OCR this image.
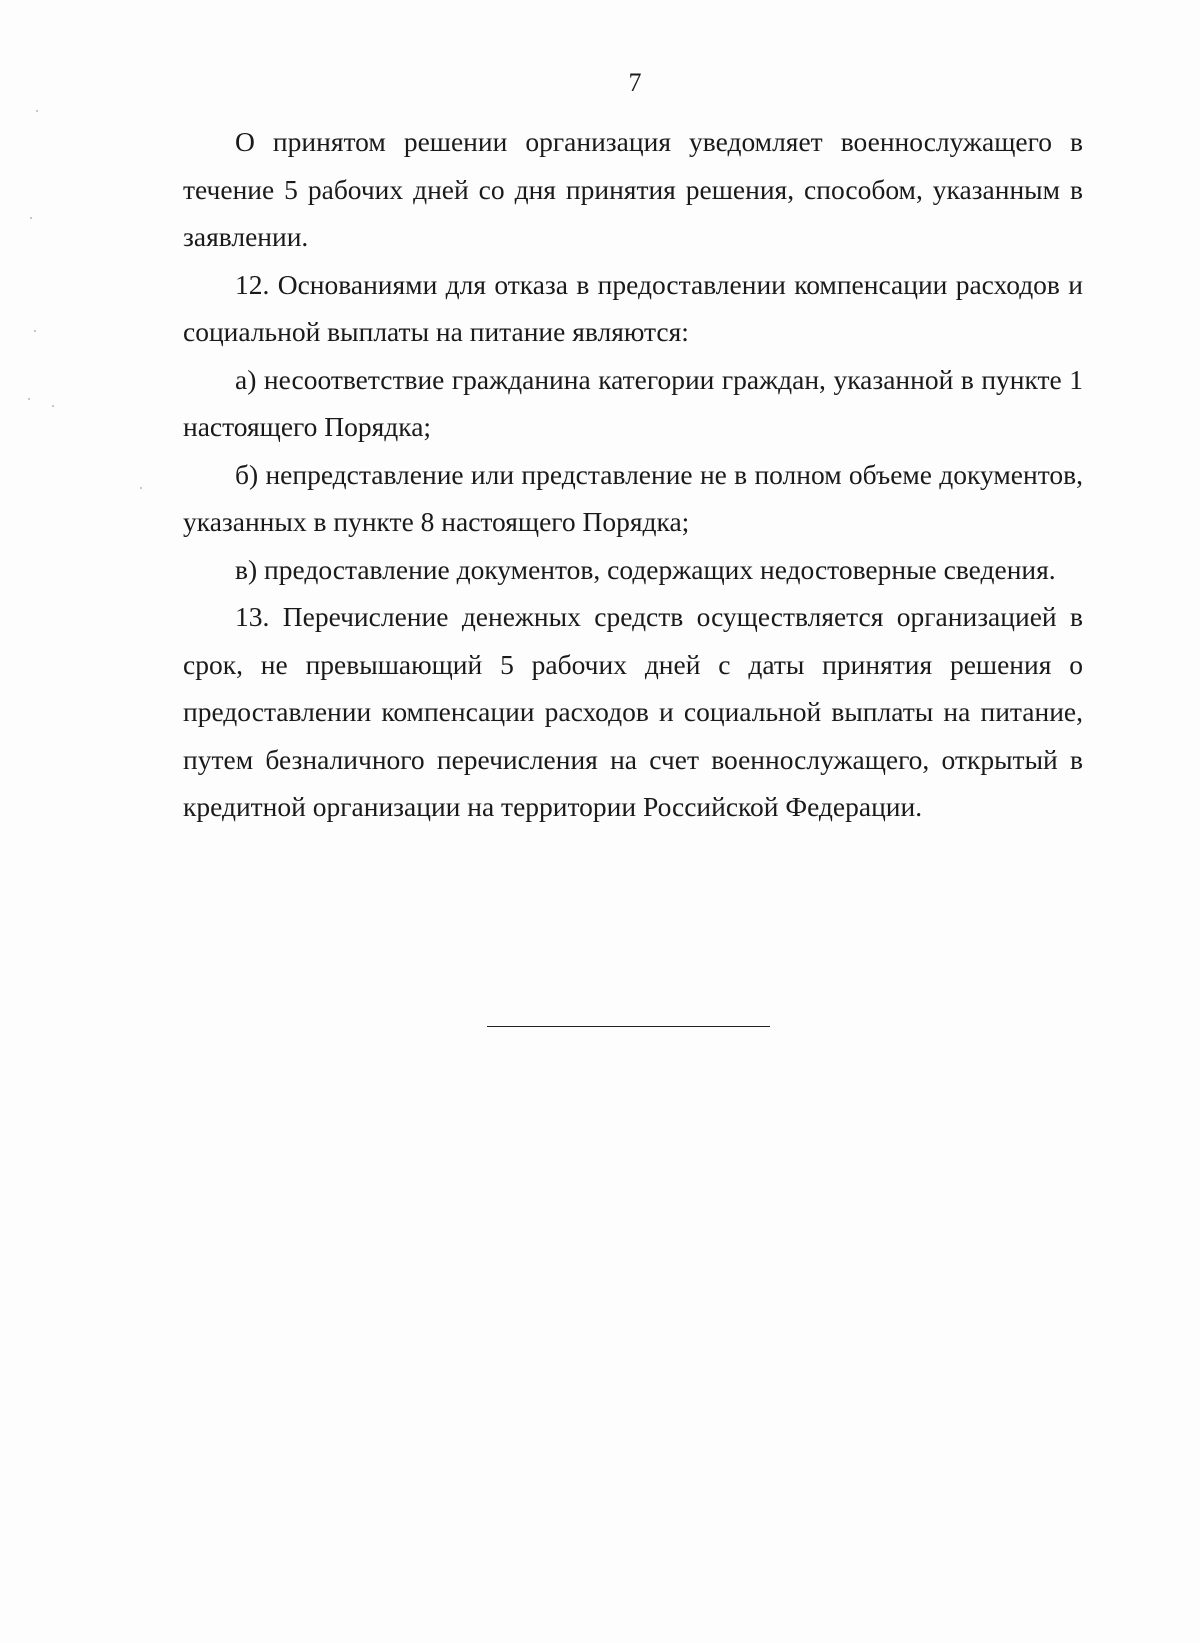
7

О принятом решении организация уведомляет военнослужащего в течение 5 рабочих дней со дня принятия решения, способом, указанным в заявлении.

12. Основаниями для отказа в предоставлении компенсации расходов и социальной выплаты на питание являются:

а) несоответствие гражданина категории граждан, указанной в пункте 1 настоящего Порядка;

б) непредставление или представление не в полном объеме документов, указанных в пункте 8 настоящего Порядка;

в) предоставление документов, содержащих недостоверные сведения.

13. Перечисление денежных средств осуществляется организацией в срок, не превышающий 5 рабочих дней с даты принятия решения о предоставлении компенсации расходов и социальной выплаты на питание, путем безналичного перечисления на счет военнослужащего, открытый в кредитной организации на территории Российской Федерации.
